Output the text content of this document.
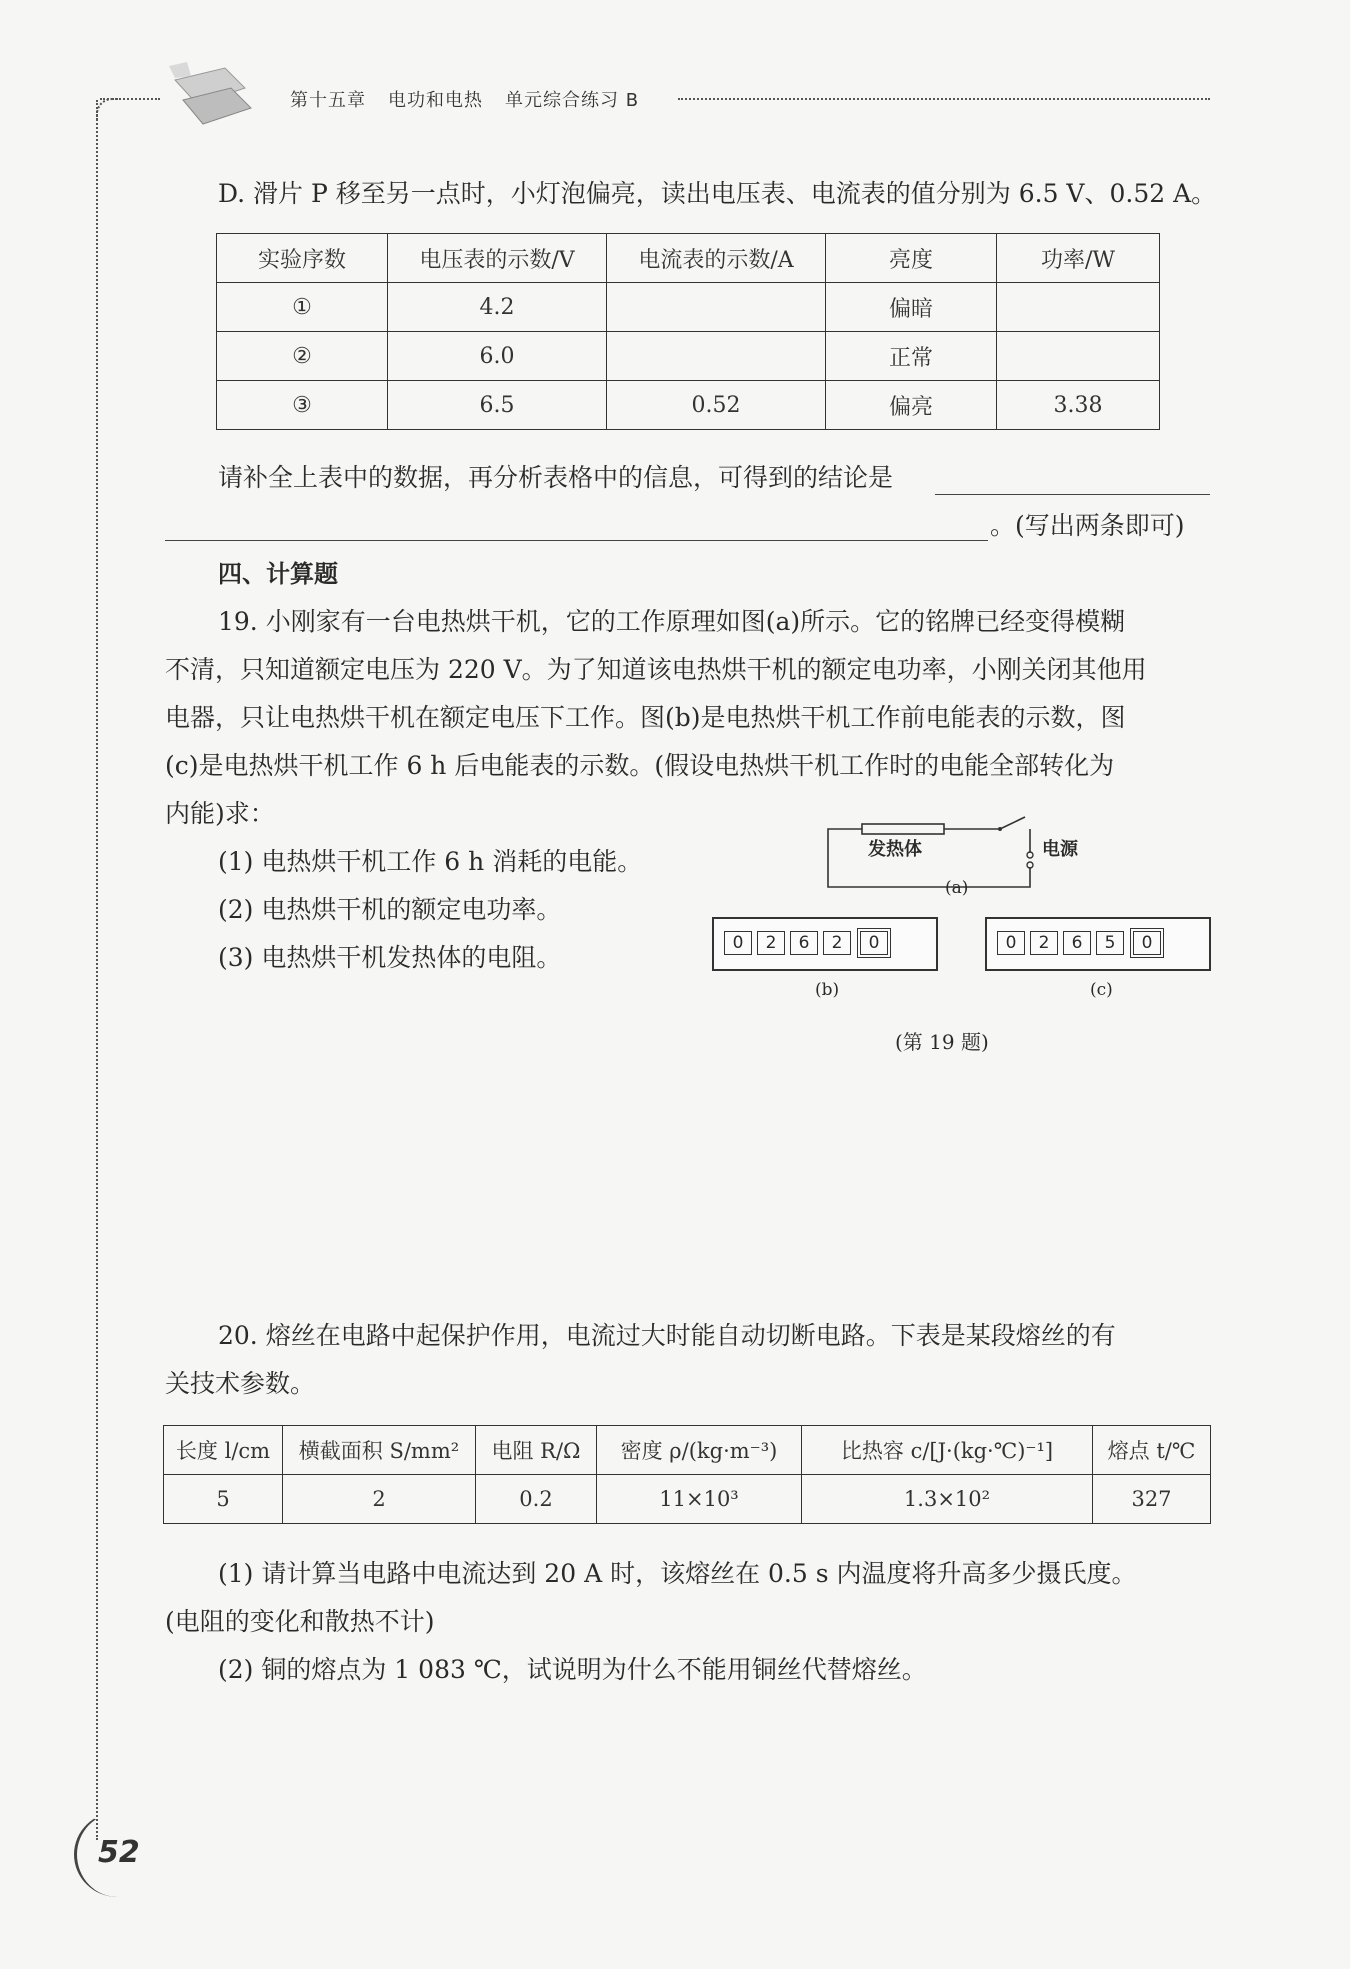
第十五章 电功和电热 单元综合练习 B
D. 滑片 P 移至另一点时，小灯泡偏亮，读出电压表、电流表的值分别为 6.5 V、0.52 A。
实验序数	电压表的示数/V	电流表的示数/A	亮度	功率/W
①	4.2		偏暗	
②	6.0		正常	
③	6.5	0.52	偏亮	3.38
请补全上表中的数据，再分析表格中的信息，可得到的结论是
。(写出两条即可)
四、计算题
19. 小刚家有一台电热烘干机，它的工作原理如图(a)所示。它的铭牌已经变得模糊
不清，只知道额定电压为 220 V。为了知道该电热烘干机的额定电功率，小刚关闭其他用
电器，只让电热烘干机在额定电压下工作。图(b)是电热烘干机工作前电能表的示数，图
(c)是电热烘干机工作 6 h 后电能表的示数。(假设电热烘干机工作时的电能全部转化为
内能)求：
(1) 电热烘干机工作 6 h 消耗的电能。
(2) 电热烘干机的额定电功率。
(3) 电热烘干机发热体的电阻。
发热体	电源
(a)
0 2 6 2 0
(b)
0 2 6 5 0
(c)
(第 19 题)
20. 熔丝在电路中起保护作用，电流过大时能自动切断电路。下表是某段熔丝的有
关技术参数。
长度 l/cm	横截面积 S/mm²	电阻 R/Ω	密度 ρ/(kg·m⁻³)	比热容 c/[J·(kg·℃)⁻¹]	熔点 t/℃
5	2	0.2	11×10³	1.3×10²	327
(1) 请计算当电路中电流达到 20 A 时，该熔丝在 0.5 s 内温度将升高多少摄氏度。
(电阻的变化和散热不计)
(2) 铜的熔点为 1 083 ℃，试说明为什么不能用铜丝代替熔丝。
52
